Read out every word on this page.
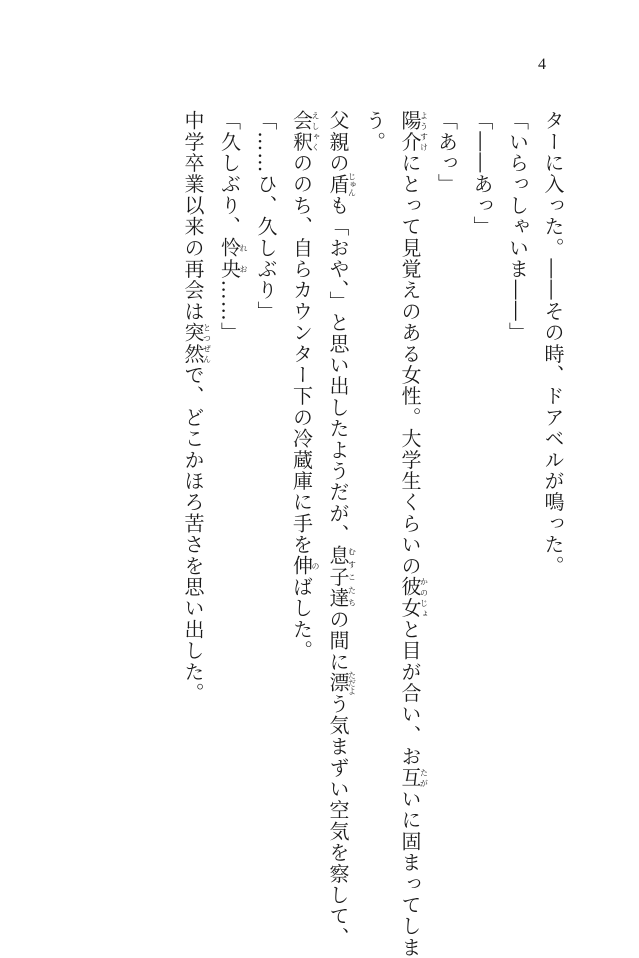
4
ターに入った。――その時、ドアベルが鳴った。
「いらっしゃいま――」
「――あっ」
「あっ」
陽介ようすけにとって見覚えのある女性。大学生くらいの彼女かのじょと目が合い、お互たがいに固まってしま
う。
父親の盾じゅんも「おや、」と思い出したようだが、息子達むすこたちの間に漂ただよう気まずい空気を察して、
会釈えしゃくののち、自らカウンター下の冷蔵庫に手を伸のばした。
「……ひ、久しぶり」
「久しぶり、怜央れお……」
中学卒業以来の再会は突然とつぜんで、どこかほろ苦さを思い出した。
